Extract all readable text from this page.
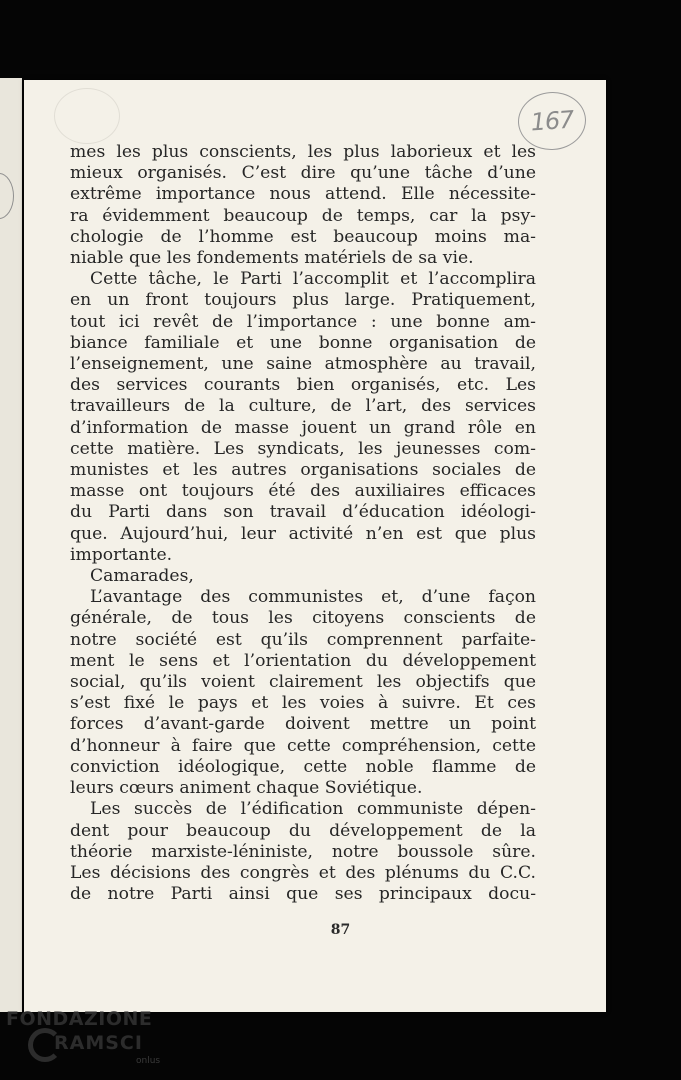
167
mes les plus conscients, les plus laborieux et les
mieux organisés. C’est dire qu’une tâche d’une
extrême importance nous attend. Elle nécessite-
ra évidemment beaucoup de temps, car la psy-
chologie de l’homme est beaucoup moins ma-
niable que les fondements matériels de sa vie.
Cette tâche, le Parti l’accomplit et l’accomplira
en un front toujours plus large. Pratiquement,
tout ici revêt de l’importance : une bonne am-
biance familiale et une bonne organisation de
l’enseignement, une saine atmosphère au travail,
des services courants bien organisés, etc. Les
travailleurs de la culture, de l’art, des services
d’information de masse jouent un grand rôle en
cette matière. Les syndicats, les jeunesses com-
munistes et les autres organisations sociales de
masse ont toujours été des auxiliaires efficaces
du Parti dans son travail d’éducation idéologi-
que. Aujourd’hui, leur activité n’en est que plus
importante.
Camarades,
L’avantage des communistes et, d’une façon
générale, de tous les citoyens conscients de
notre société est qu’ils comprennent parfaite-
ment le sens et l’orientation du développement
social, qu’ils voient clairement les objectifs que
s’est fixé le pays et les voies à suivre. Et ces
forces d’avant-garde doivent mettre un point
d’honneur à faire que cette compréhension, cette
conviction idéologique, cette noble flamme de
leurs cœurs animent chaque Soviétique.
Les succès de l’édification communiste dépen-
dent pour beaucoup du développement de la
théorie marxiste-léniniste, notre boussole sûre.
Les décisions des congrès et des plénums du C.C.
de notre Parti ainsi que ses principaux docu-
87
FONDAZIONE
RAMSCI
onlus
